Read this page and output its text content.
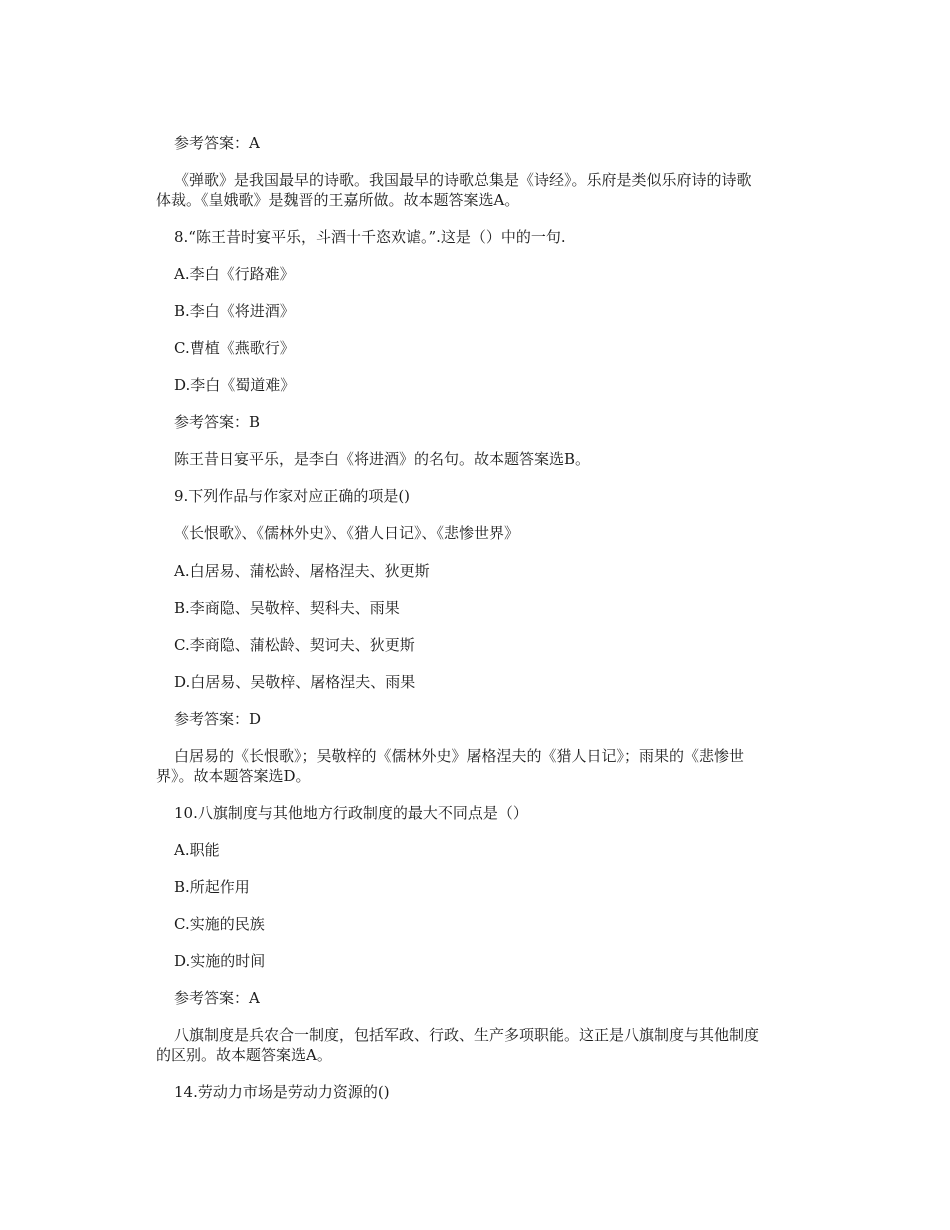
参考答案：A
《弹歌》是我国最早的诗歌。我国最早的诗歌总集是《诗经》。乐府是类似乐府诗的诗歌
体裁。《皇娥歌》是魏晋的王嘉所做。故本题答案选A。
8.“陈王昔时宴平乐，斗酒十千恣欢谑。”.这是（）中的一句.
A.李白《行路难》
B.李白《将进酒》
C.曹植《燕歌行》
D.李白《蜀道难》
参考答案：B
陈王昔日宴平乐，是李白《将进酒》的名句。故本题答案选B。
9.下列作品与作家对应正确的项是()
《长恨歌》、《儒林外史》、《猎人日记》、《悲惨世界》
A.白居易、蒲松龄、屠格涅夫、狄更斯
B.李商隐、吴敬梓、契科夫、雨果
C.李商隐、蒲松龄、契诃夫、狄更斯
D.白居易、吴敬梓、屠格涅夫、雨果
参考答案：D
白居易的《长恨歌》；吴敬梓的《儒林外史》屠格涅夫的《猎人日记》；雨果的《悲惨世
界》。故本题答案选D。
10.八旗制度与其他地方行政制度的最大不同点是（）
A.职能
B.所起作用
C.实施的民族
D.实施的时间
参考答案：A
八旗制度是兵农合一制度，包括军政、行政、生产多项职能。这正是八旗制度与其他制度
的区别。故本题答案选A。
14.劳动力市场是劳动力资源的()
